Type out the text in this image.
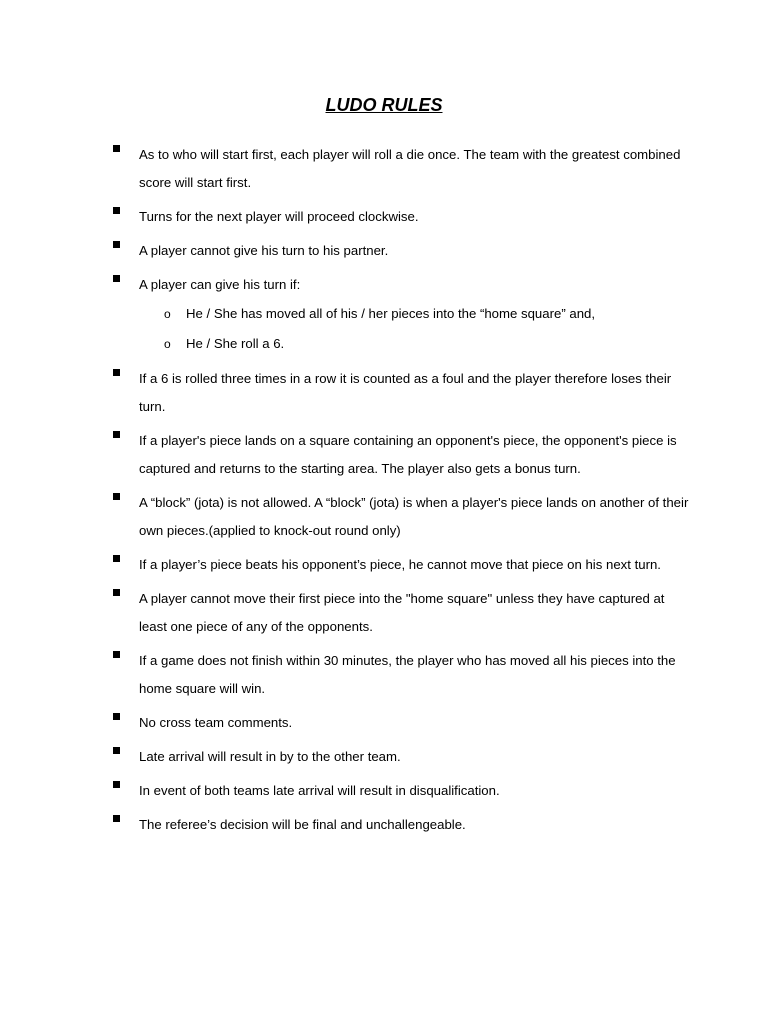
LUDO RULES
As to who will start first, each player will roll a die once. The team with the greatest combined score will start first.
Turns for the next player will proceed clockwise.
A player cannot give his turn to his partner.
A player can give his turn if:
o He / She has moved all of his / her pieces into the “home square” and,
o He / She roll a 6.
If a 6 is rolled three times in a row it is counted as a foul and the player therefore loses their turn.
If a player's piece lands on a square containing an opponent's piece, the opponent's piece is captured and returns to the starting area. The player also gets a bonus turn.
A “block” (jota) is not allowed. A “block” (jota) is when a player's piece lands on another of their own pieces.(applied to knock-out round only)
If a player’s piece beats his opponent’s piece, he cannot move that piece on his next turn.
A player cannot move their first piece into the "home square" unless they have captured at least one piece of any of the opponents.
If a game does not finish within 30 minutes, the player who has moved all his pieces into the home square will win.
No cross team comments.
Late arrival will result in by to the other team.
In event of both teams late arrival will result in disqualification.
The referee’s decision will be final and unchallengeable.
